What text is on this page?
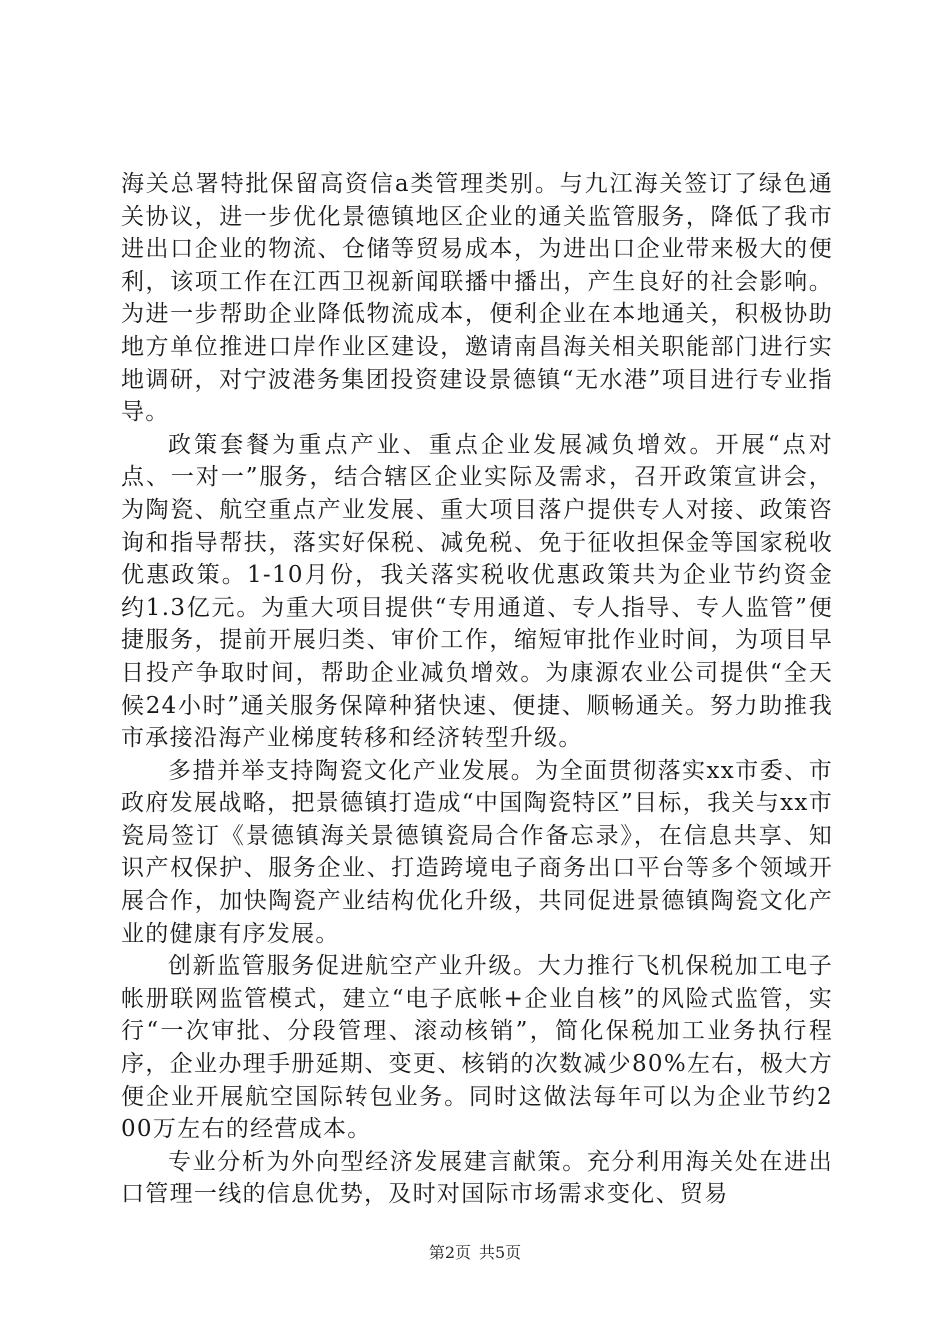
海关总署特批保留高资信a类管理类别。与九江海关签订了绿色通关协议，进一步优化景德镇地区企业的通关监管服务，降低了我市进出口企业的物流、仓储等贸易成本，为进出口企业带来极大的便利，该项工作在江西卫视新闻联播中播出，产生良好的社会影响。为进一步帮助企业降低物流成本，便利企业在本地通关，积极协助地方单位推进口岸作业区建设，邀请南昌海关相关职能部门进行实地调研，对宁波港务集团投资建设景德镇“无水港”项目进行专业指导。

政策套餐为重点产业、重点企业发展减负增效。开展“点对点、一对一”服务，结合辖区企业实际及需求，召开政策宣讲会，为陶瓷、航空重点产业发展、重大项目落户提供专人对接、政策咨询和指导帮扶，落实好保税、减免税、免于征收担保金等国家税收优惠政策。1-10月份，我关落实税收优惠政策共为企业节约资金约1.3亿元。为重大项目提供“专用通道、专人指导、专人监管”便捷服务，提前开展归类、审价工作，缩短审批作业时间，为项目早日投产争取时间，帮助企业减负增效。为康源农业公司提供“全天候24小时”通关服务保障种猪快速、便捷、顺畅通关。努力助推我市承接沿海产业梯度转移和经济转型升级。

多措并举支持陶瓷文化产业发展。为全面贯彻落实xx市委、市政府发展战略，把景德镇打造成“中国陶瓷特区”目标，我关与xx市瓷局签订《景德镇海关景德镇瓷局合作备忘录》，在信息共享、知识产权保护、服务企业、打造跨境电子商务出口平台等多个领域开展合作，加快陶瓷产业结构优化升级，共同促进景德镇陶瓷文化产业的健康有序发展。

创新监管服务促进航空产业升级。大力推行飞机保税加工电子帐册联网监管模式，建立“电子底帐+企业自核”的风险式监管，实行“一次审批、分段管理、滚动核销”，简化保税加工业务执行程序，企业办理手册延期、变更、核销的次数减少80%左右，极大方便企业开展航空国际转包业务。同时这做法每年可以为企业节约200万左右的经营成本。

专业分析为外向型经济发展建言献策。充分利用海关处在进出口管理一线的信息优势，及时对国际市场需求变化、贸易

第2页 共5页
